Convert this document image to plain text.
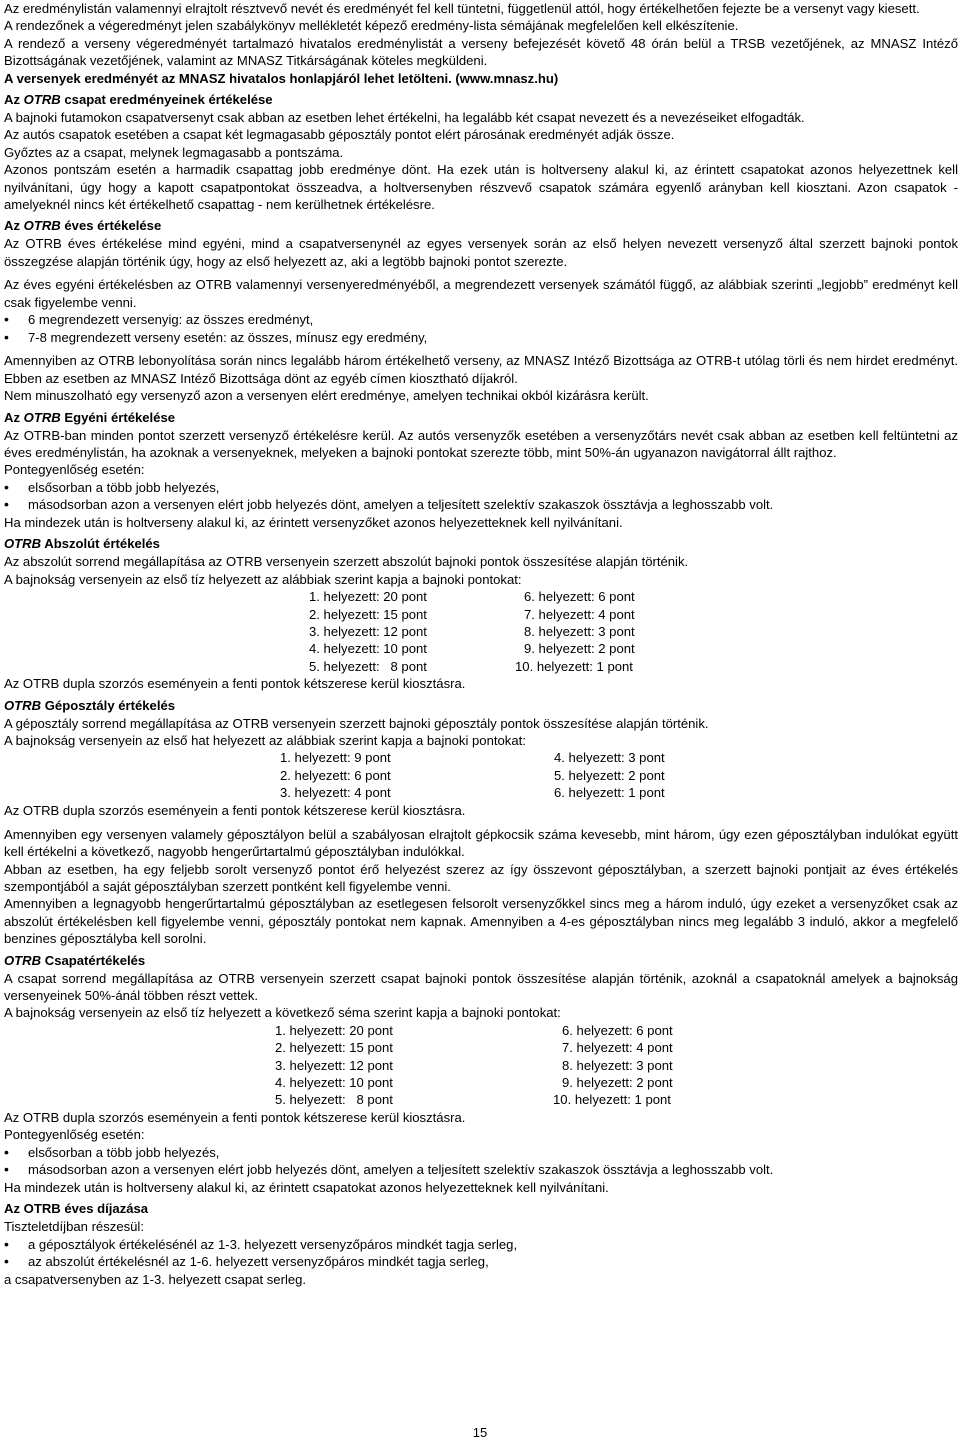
Az eredménylistán valamennyi elrajtolt résztvevő nevét és eredményét fel kell tüntetni, függetlenül attól, hogy értékelhetően fejezte be a versenyt vagy kiesett.

A rendezőnek a végeredményt jelen szabálykönyv mellékletét képező eredmény-lista sémájának megfelelően kell elkészítenie.

A rendező a verseny végeredményét tartalmazó hivatalos eredménylistát a verseny befejezését követő 48 órán belül a TRSB vezetőjének, az MNASZ Intéző Bizottságának vezetőjének, valamint az MNASZ Titkárságának köteles megküldeni.

A versenyek eredményét az MNASZ hivatalos honlapjáról lehet letölteni. (www.mnasz.hu)

Az OTRB csapat eredményeinek értékelése

A bajnoki futamokon csapatversenyt csak abban az esetben lehet értékelni, ha legalább két csapat nevezett és a nevezéseiket elfogadták.

Az autós csapatok esetében a csapat két legmagasabb géposztály pontot elért párosának eredményét adják össze.

Győztes az a csapat, melynek legmagasabb a pontszáma.

Azonos pontszám esetén a harmadik csapattag jobb eredménye dönt. Ha ezek után is holtverseny alakul ki, az érintett csapatokat azonos helyezettnek kell nyilvánítani, úgy hogy a kapott csapatpontokat összeadva, a holtversenyben részvevő csapatok számára egyenlő arányban kell kiosztani. Azon csapatok - amelyeknél nincs két értékelhető csapattag - nem kerülhetnek értékelésre.

Az OTRB éves értékelése

Az OTRB éves értékelése mind egyéni, mind a csapatversenynél az egyes versenyek során az első helyen nevezett versenyző által szerzett bajnoki pontok összegzése alapján történik úgy, hogy az első helyezett az, aki a legtöbb bajnoki pontot szerezte.

Az éves egyéni értékelésben az OTRB valamennyi versenyeredményéből, a megrendezett versenyek számától függő, az alábbiak szerinti „legjobb” eredményt kell csak figyelembe venni.

• 6 megrendezett versenyig: az összes eredményt,
• 7-8 megrendezett verseny esetén: az összes, mínusz egy eredmény,

Amennyiben az OTRB lebonyolítása során nincs legalább három értékelhető verseny, az MNASZ Intéző Bizottsága az OTRB-t utólag törli és nem hirdet eredményt. Ebben az esetben az MNASZ Intéző Bizottsága dönt az egyéb címen kiosztható díjakról.

Nem minuszolható egy versenyző azon a versenyen elért eredménye, amelyen technikai okból kizárásra került.

Az OTRB Egyéni értékelése

Az OTRB-ban minden pontot szerzett versenyző értékelésre kerül. Az autós versenyzők esetében a versenyzőtárs nevét csak abban az esetben kell feltüntetni az éves eredménylistán, ha azoknak a versenyeknek, melyeken a bajnoki pontokat szerezte több, mint 50%-án ugyanazon navigátorral állt rajthoz.

Pontegyenlőség esetén:

• elsősorban a több jobb helyezés,
• másodsorban azon a versenyen elért jobb helyezés dönt, amelyen a teljesített szelektív szakaszok össztávja a leghosszabb volt.

Ha mindezek után is holtverseny alakul ki, az érintett versenyzőket azonos helyezetteknek kell nyilvánítani.

OTRB Abszolút értékelés

Az abszolút sorrend megállapítása az OTRB versenyein szerzett abszolút bajnoki pontok összesítése alapján történik.

A bajnokság versenyein az első tíz helyezett az alábbiak szerint kapja a bajnoki pontokat:

1. helyezett: 20 pont
2. helyezett: 15 pont
3. helyezett: 12 pont
4. helyezett: 10 pont
5. helyezett:   8 pont
6. helyezett: 6 pont
7. helyezett: 4 pont
8. helyezett: 3 pont
9. helyezett: 2 pont
10. helyezett: 1 pont

Az OTRB dupla szorzós eseményein a fenti pontok kétszerese kerül kiosztásra.

OTRB Géposztály értékelés

A géposztály sorrend megállapítása az OTRB versenyein szerzett bajnoki géposztály pontok összesítése alapján történik.

A bajnokság versenyein az első hat helyezett az alábbiak szerint kapja a bajnoki pontokat:

1. helyezett: 9 pont
2. helyezett: 6 pont
3. helyezett: 4 pont
4. helyezett: 3 pont
5. helyezett: 2 pont
6. helyezett: 1 pont

Az OTRB dupla szorzós eseményein a fenti pontok kétszerese kerül kiosztásra.

Amennyiben egy versenyen valamely géposztályon belül a szabályosan elrajtolt gépkocsik száma kevesebb, mint három, úgy ezen géposztályban indulókat együtt kell értékelni a következő, nagyobb hengerűrtartalmú géposztályban indulókkal.

Abban az esetben, ha egy feljebb sorolt versenyző pontot érő helyezést szerez az így összevont géposztályban, a szerzett bajnoki pontjait az éves értékelés szempontjából a saját géposztályban szerzett pontként kell figyelembe venni.

Amennyiben a legnagyobb hengerűrtartalmú géposztályban az esetlegesen felsorolt versenyzőkkel sincs meg a három induló, úgy ezeket a versenyzőket csak az abszolút értékelésben kell figyelembe venni, géposztály pontokat nem kapnak. Amennyiben a 4-es géposztályban nincs meg legalább 3 induló, akkor a megfelelő benzines géposztályba kell sorolni.

OTRB Csapatértékelés

A csapat sorrend megállapítása az OTRB versenyein szerzett csapat bajnoki pontok összesítése alapján történik, azoknál a csapatoknál amelyek a bajnokság versenyeinek 50%-ánál többen részt vettek.

A bajnokság versenyein az első tíz helyezett a következő séma szerint kapja a bajnoki pontokat:

1. helyezett: 20 pont
2. helyezett: 15 pont
3. helyezett: 12 pont
4. helyezett: 10 pont
5. helyezett:   8 pont
6. helyezett: 6 pont
7. helyezett: 4 pont
8. helyezett: 3 pont
9. helyezett: 2 pont
10. helyezett: 1 pont

Az OTRB dupla szorzós eseményein a fenti pontok kétszerese kerül kiosztásra.

Pontegyenlőség esetén:

• elsősorban a több jobb helyezés,
• másodsorban azon a versenyen elért jobb helyezés dönt, amelyen a teljesített szelektív szakaszok össztávja a leghosszabb volt.

Ha mindezek után is holtverseny alakul ki, az érintett csapatokat azonos helyezetteknek kell nyilvánítani.

Az OTRB éves díjazása

Tiszteletdíjban részesül:

• a géposztályok értékelésénél az 1-3. helyezett versenyzőpáros mindkét tagja serleg,
• az abszolút értékelésnél az 1-6. helyezett versenyzőpáros mindkét tagja serleg,

a csapatversenyben az 1-3. helyezett csapat serleg.

15
